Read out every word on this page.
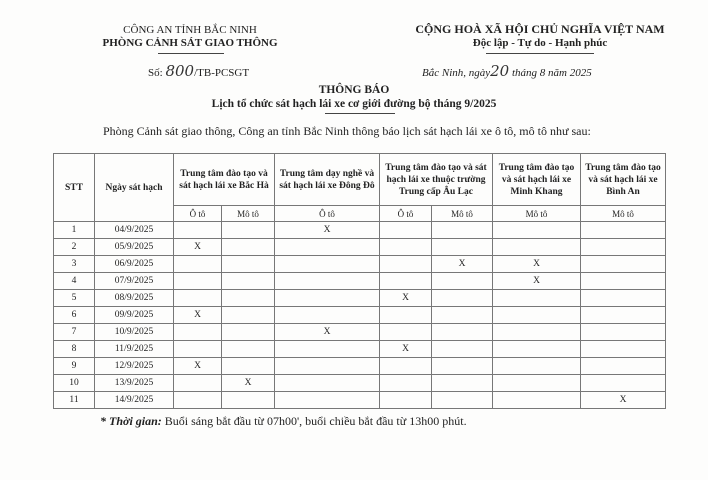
CÔNG AN TỈNH BẮC NINH
PHÒNG CẢNH SÁT GIAO THÔNG
CỘNG HOÀ XÃ HỘI CHỦ NGHĨA VIỆT NAM
Độc lập - Tự do - Hạnh phúc
Số: 800/TB-PCSGT	Bắc Ninh, ngày20 tháng 8 năm 2025
THÔNG BÁO
Lịch tổ chức sát hạch lái xe cơ giới đường bộ tháng 9/2025
Phòng Cảnh sát giao thông, Công an tỉnh Bắc Ninh thông báo lịch sát hạch lái xe ô tô, mô tô như sau:
STT	Ngày sát hạch	Trung tâm đào tạo và sát hạch lái xe Bắc Hà		Trung tâm dạy nghề và sát hạch lái xe Đông Đô	Trung tâm đào tạo và sát hạch lái xe thuộc trường Trung cấp Âu Lạc		Trung tâm đào tạo và sát hạch lái xe Minh Khang	Trung tâm đào tạo và sát hạch lái xe Bình An
		Ô tô	Mô tô	Ô tô	Ô tô	Mô tô	Mô tô	Mô tô
1	04/9/2025			X				
2	05/9/2025	X						
3	06/9/2025					X	X	
4	07/9/2025						X	
5	08/9/2025				X			
6	09/9/2025	X						
7	10/9/2025			X				
8	11/9/2025				X			
9	12/9/2025	X						
10	13/9/2025		X					
11	14/9/2025							X
* Thời gian: Buổi sáng bắt đầu từ 07h00', buổi chiều bắt đầu từ 13h00 phút.
